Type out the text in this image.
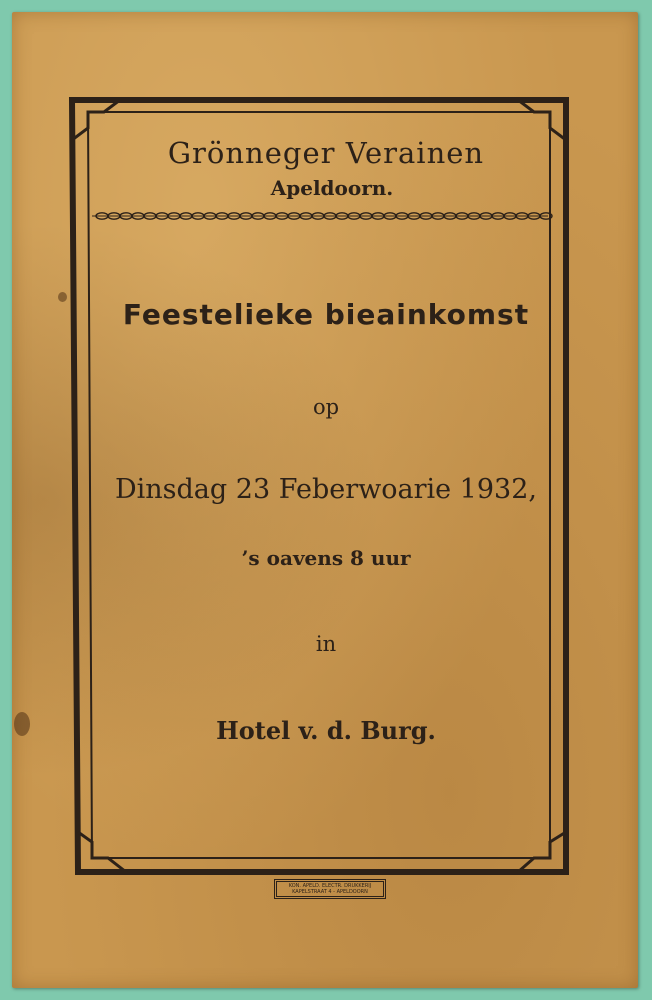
Grönneger Verainen
Apeldoorn.
Feestelieke bieainkomst
op
Dinsdag 23 Feberwoarie 1932,
’s oavens 8 uur
in
Hotel v. d. Burg.
KON. APELD. ELECTR. DRUKKERIJ
KAPELSTRAAT 4 - APELDOORN
